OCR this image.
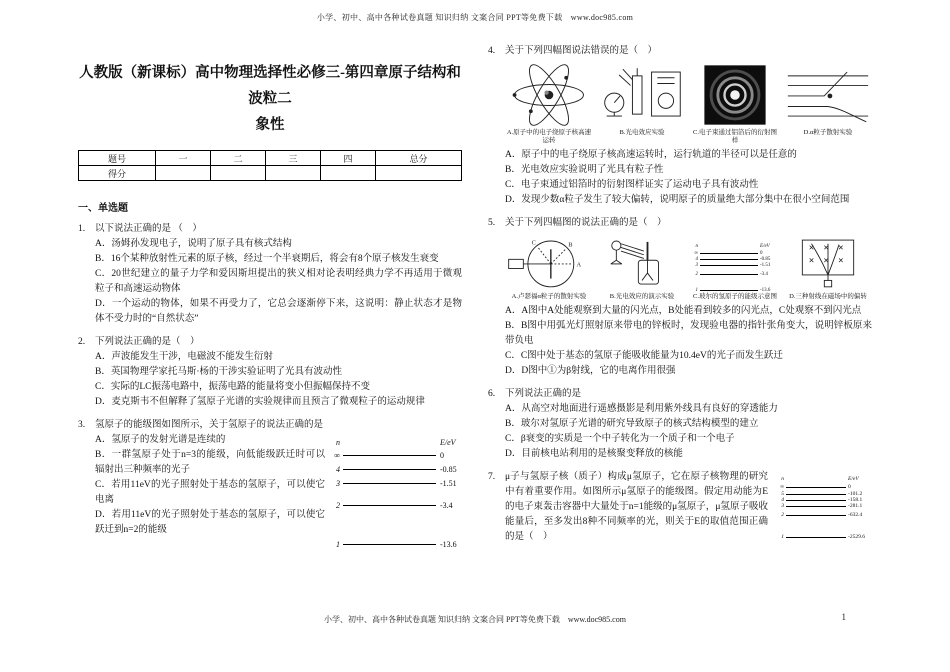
小学、初中、高中各种试卷真题 知识归纳 文案合同 PPT等免费下载　www.doc985.com
人教版（新课标）高中物理选择性必修三-第四章原子结构和波粒二
象性
题号	一	二	三	四	总分
得分					
一、单选题
1. 以下说法正确的是 （　）
A．汤姆孙发现电子，说明了原子具有核式结构
B．16个某种放射性元素的原子核，经过一个半衰期后，将会有8个原子核发生衰变
C．20世纪建立的量子力学和爱因斯坦提出的狭义相对论表明经典力学不再适用于微观粒子和高速运动物体
D．一个运动的物体，如果不再受力了，它总会逐渐停下来，这说明：静止状态才是物体不受力时的“自然状态”
2. 下列说法正确的是（　）
A．声波能发生干涉，电磁波不能发生衍射
B．英国物理学家托马斯·杨的干涉实验证明了光具有波动性
C．实际的LC振荡电路中，振荡电路的能量将变小但振幅保持不变
D．麦克斯韦不但解释了氢原子光谱的实验规律而且预言了微观粒子的运动规律
3. 氢原子的能级图如图所示，关于氢原子的说法正确的是
A．氢原子的发射光谱是连续的
B．一群氢原子处于n=3的能级，向低能级跃迁时可以辐射出三种频率的光子
C．若用11eV的光子照射处于基态的氢原子，可以使它电离
D．若用11eV的光子照射处于基态的氢原子，可以使它跃迁到n=2的能级
n	E/eV
∞	0
4	-0.85
3	-1.51
2	-3.4
1	-13.6
4. 关于下列四幅图说法错误的是（　）
A.原子中的电子绕原子核高速运转
B.光电效应实验	C.电子束通过铝箔后的衍射图样
D.α粒子散射实验
A．原子中的电子绕原子核高速运转时，运行轨道的半径可以是任意的
B．光电效应实验说明了光具有粒子性
C．电子束通过铝箔时的衍射图样证实了运动电子具有波动性
D．发现少数α粒子发生了较大偏转，说明原子的质量绝大部分集中在很小空间范围
5. 关于下列四幅图的说法正确的是（　）
A
B
C
A.卢瑟福α粒子的散射实验	B.光电效应的演示实验
n	E/eV
∞	0
4	-0.85
3	-1.51
2	-3.4
1	-13.6
C.玻尔的氢原子的能级示意图	D.三种射线在磁场中的偏转
A．A图中A处能观察到大量的闪光点，B处能看到较多的闪光点，C处观察不到闪光点
B．B图中用弧光灯照射原来带电的锌板时，发现验电器的指针张角变大，说明锌板原来带负电
C．C图中处于基态的氢原子能吸收能量为10.4eV的光子而发生跃迁
D．D图中①为β射线，它的电离作用很强
6. 下列说法正确的是
A．从高空对地面进行遥感摄影是利用紫外线具有良好的穿透能力
B．玻尔对氢原子光谱的研究导致原子的核式结构模型的建立
C．β衰变的实质是一个中子转化为一个质子和一个电子
D．目前核电站利用的是核聚变释放的核能
7.	n	E/eV
∞	0
5	-101.2
4	-158.1
3	-281.1
2	-632.4
1	-2529.6
μ子与氢原子核（质子）构成μ氢原子，它在原子核物理的研究中有着重要作用。如图所示μ氢原子的能级图。假定用动能为E的电子束轰击容器中大量处于n=1能级的μ氢原子，μ氢原子吸收能量后，至多发出8种不同频率的光，则关于E的取值范围正确的是（　）
小学、初中、高中各种试卷真题 知识归纳 文案合同 PPT等免费下载　www.doc985.com	1
